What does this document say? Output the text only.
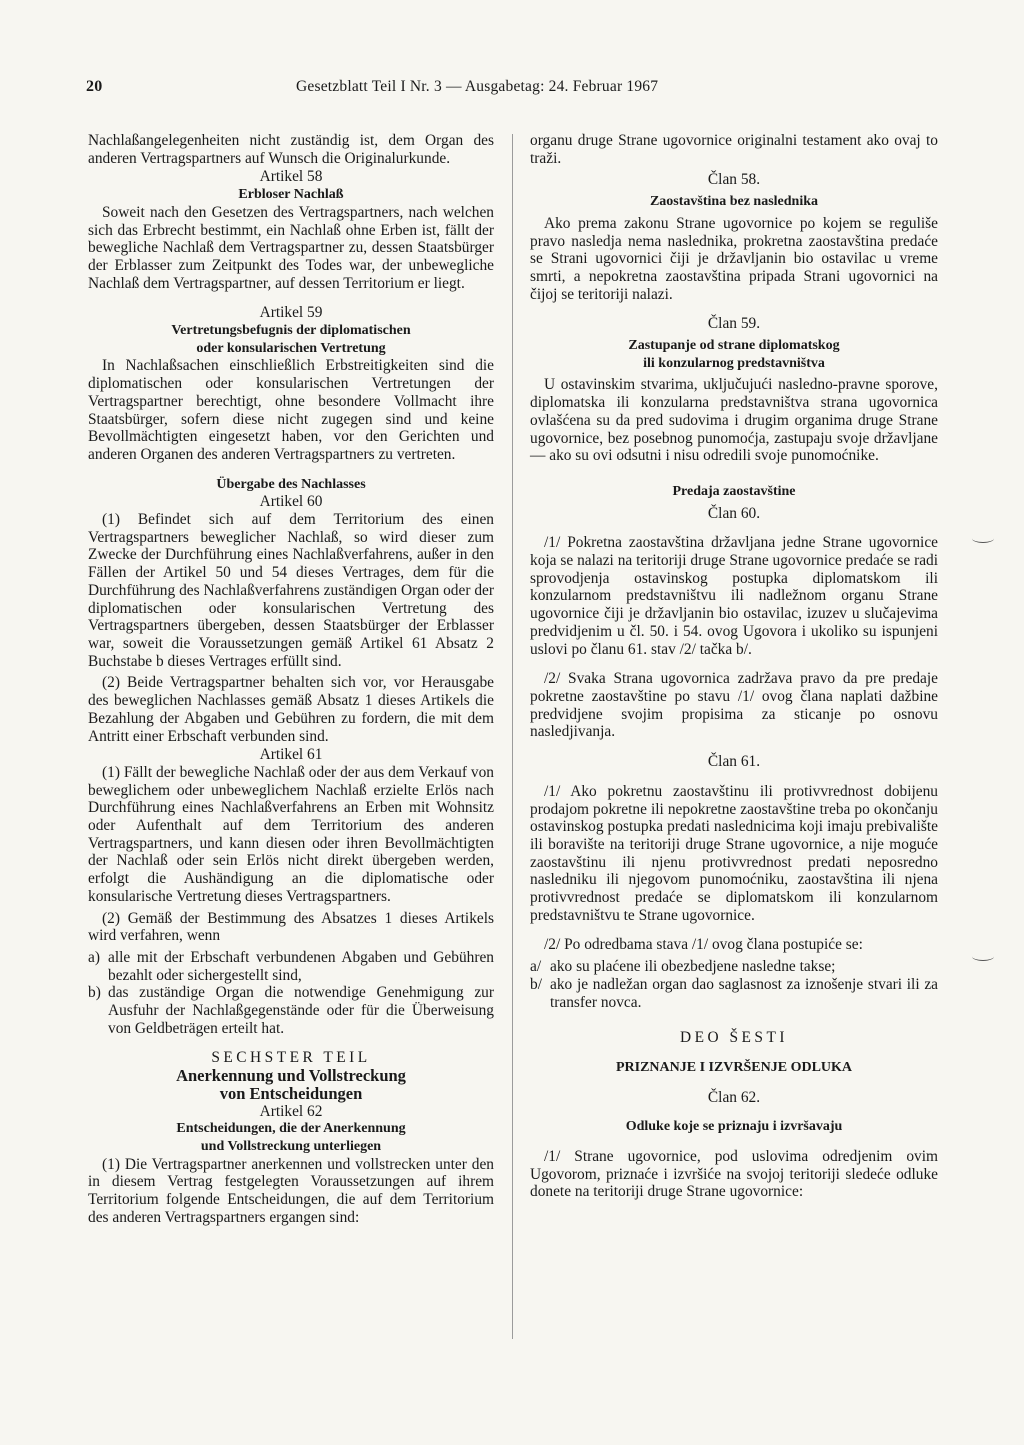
20	Gesetzblatt Teil I Nr. 3 — Ausgabetag: 24. Februar 1967

Nachlaßangelegenheiten nicht zuständig ist, dem Organ des anderen Vertragspartners auf Wunsch die Originalurkunde.

Artikel 58

Erbloser Nachlaß

Soweit nach den Gesetzen des Vertragspartners, nach welchen sich das Erbrecht bestimmt, ein Nachlaß ohne Erben ist, fällt der bewegliche Nachlaß dem Vertragspartner zu, dessen Staatsbürger der Erblasser zum Zeitpunkt des Todes war, der unbewegliche Nachlaß dem Vertragspartner, auf dessen Territorium er liegt.

Artikel 59

Vertretungsbefugnis der diplomatischen

oder konsularischen Vertretung

In Nachlaßsachen einschließlich Erbstreitigkeiten sind die diplomatischen oder konsularischen Vertretungen der Vertragspartner berechtigt, ohne besondere Vollmacht ihre Staatsbürger, sofern diese nicht zugegen sind und keine Bevollmächtigten eingesetzt haben, vor den Gerichten und anderen Organen des anderen Vertragspartners zu vertreten.

Übergabe des Nachlasses

Artikel 60

(1) Befindet sich auf dem Territorium des einen Vertragspartners beweglicher Nachlaß, so wird dieser zum Zwecke der Durchführung eines Nachlaßverfahrens, außer in den Fällen der Artikel 50 und 54 dieses Vertrages, dem für die Durchführung des Nachlaßverfahrens zuständigen Organ oder der diplomatischen oder konsularischen Vertretung des Vertragspartners übergeben, dessen Staatsbürger der Erblasser war, soweit die Voraussetzungen gemäß Artikel 61 Absatz 2 Buchstabe b dieses Vertrages erfüllt sind.

(2) Beide Vertragspartner behalten sich vor, vor Herausgabe des beweglichen Nachlasses gemäß Absatz 1 dieses Artikels die Bezahlung der Abgaben und Gebühren zu fordern, die mit dem Antritt einer Erbschaft verbunden sind.

Artikel 61

(1) Fällt der bewegliche Nachlaß oder der aus dem Verkauf von beweglichem oder unbeweglichem Nachlaß erzielte Erlös nach Durchführung eines Nachlaßverfahrens an Erben mit Wohnsitz oder Aufenthalt auf dem Territorium des anderen Vertragspartners, und kann diesen oder ihren Bevollmächtigten der Nachlaß oder sein Erlös nicht direkt übergeben werden, erfolgt die Aushändigung an die diplomatische oder konsularische Vertretung dieses Vertragspartners.

(2) Gemäß der Bestimmung des Absatzes 1 dieses Artikels wird verfahren, wenn

a) alle mit der Erbschaft verbundenen Abgaben und Gebühren bezahlt oder sichergestellt sind,
b) das zuständige Organ die notwendige Genehmigung zur Ausfuhr der Nachlaßgegenstände oder für die Überweisung von Geldbeträgen erteilt hat.

SECHSTER TEIL

Anerkennung und Vollstreckung

von Entscheidungen

Artikel 62

Entscheidungen, die der Anerkennung

und Vollstreckung unterliegen

(1) Die Vertragspartner anerkennen und vollstrecken unter den in diesem Vertrag festgelegten Voraussetzungen auf ihrem Territorium folgende Entscheidungen, die auf dem Territorium des anderen Vertragspartners ergangen sind:

organu druge Strane ugovornice originalni testament ako ovaj to traži.

Član 58.

Zaostavština bez naslednika

Ako prema zakonu Strane ugovornice po kojem se reguliše pravo nasledja nema naslednika, prokretna zaostavština predaće se Strani ugovornici čiji je državljanin bio ostavilac u vreme smrti, a nepokretna zaostavština pripada Strani ugovornici na čijoj se teritoriji nalazi.

Član 59.

Zastupanje od strane diplomatskog

ili konzularnog predstavništva

U ostavinskim stvarima, uključujući nasledno-pravne sporove, diplomatska ili konzularna predstavništva strana ugovornica ovlašćena su da pred sudovima i drugim organima druge Strane ugovornice, bez posebnog punomoćja, zastupaju svoje državljane — ako su ovi odsutni i nisu odredili svoje punomoćnike.

Predaja zaostavštine

Član 60.

/1/ Pokretna zaostavština državljana jedne Strane ugovornice koja se nalazi na teritoriji druge Strane ugovornice predaće se radi sprovodjenja ostavinskog postupka diplomatskom ili konzularnom predstavništvu ili nadležnom organu Strane ugovornice čiji je državljanin bio ostavilac, izuzev u slučajevima predvidjenim u čl. 50. i 54. ovog Ugovora i ukoliko su ispunjeni uslovi po članu 61. stav /2/ tačka b/.

/2/ Svaka Strana ugovornica zadržava pravo da pre predaje pokretne zaostavštine po stavu /1/ ovog člana naplati dažbine predvidjene svojim propisima za sticanje po osnovu nasledjivanja.

Član 61.

/1/ Ako pokretnu zaostavštinu ili protivvrednost dobijenu prodajom pokretne ili nepokretne zaostavštine treba po okončanju ostavinskog postupka predati naslednicima koji imaju prebivalište ili boravište na teritoriji druge Strane ugovornice, a nije moguće zaostavštinu ili njenu protivvrednost predati neposredno nasledniku ili njegovom punomoćniku, zaostavština ili njena protivvrednost predaće se diplomatskom ili konzularnom predstavništvu te Strane ugovornice.

/2/ Po odredbama stava /1/ ovog člana postupiće se:

a/ ako su plaćene ili obezbedjene nasledne takse;
b/ ako je nadležan organ dao saglasnost za iznošenje stvari ili za transfer novca.

DEO ŠESTI

PRIZNANJE I IZVRŠENJE ODLUKA

Član 62.

Odluke koje se priznaju i izvršavaju

/1/ Strane ugovornice, pod uslovima odredjenim ovim Ugovorom, priznaće i izvršiće na svojoj teritoriji sledeće odluke donete na teritoriji druge Strane ugovornice:
